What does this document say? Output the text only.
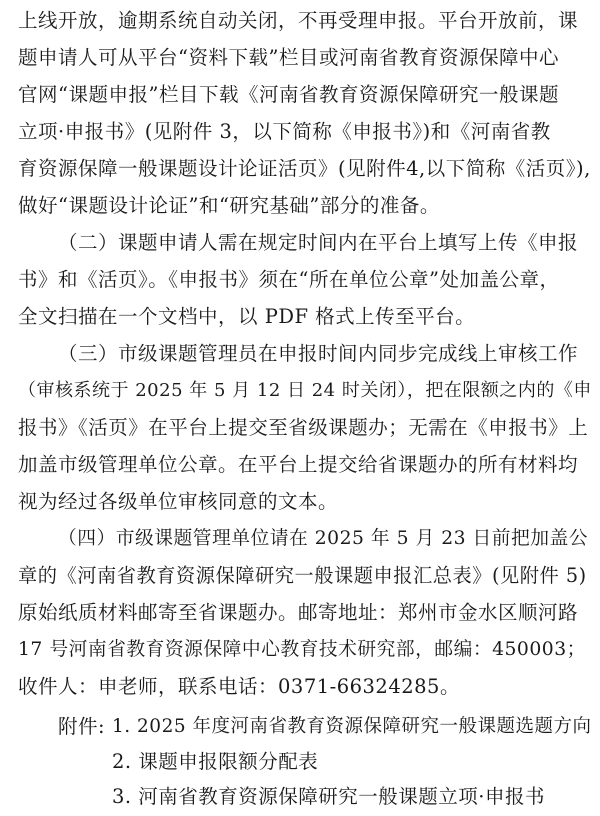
上线开放，逾期系统自动关闭，不再受理申报。平台开放前，课
题申请人可从平台“资料下载”栏目或河南省教育资源保障中心
官网“课题申报”栏目下载《河南省教育资源保障研究一般课题
立项·申报书》(见附件 3，以下简称《申报书》)和《河南省教
育资源保障一般课题设计论证活页》(见附件4,以下简称《活页》),
做好“课题设计论证”和“研究基础”部分的准备。
（二）课题申请人需在规定时间内在平台上填写上传《申报
书》和《活页》。《申报书》须在“所在单位公章”处加盖公章，
全文扫描在一个文档中，以 PDF 格式上传至平台。
（三）市级课题管理员在申报时间内同步完成线上审核工作
（审核系统于 2025 年 5 月 12 日 24 时关闭），把在限额之内的《申
报书》《活页》在平台上提交至省级课题办；无需在《申报书》上
加盖市级管理单位公章。在平台上提交给省课题办的所有材料均
视为经过各级单位审核同意的文本。
（四）市级课题管理单位请在 2025 年 5 月 23 日前把加盖公
章的《河南省教育资源保障研究一般课题申报汇总表》(见附件 5)
原始纸质材料邮寄至省课题办。邮寄地址：郑州市金水区顺河路
17 号河南省教育资源保障中心教育技术研究部，邮编：450003；
收件人：申老师，联系电话：0371-66324285。
附件: 1. 2025 年度河南省教育资源保障研究一般课题选题方向
2. 课题申报限额分配表
3. 河南省教育资源保障研究一般课题立项·申报书
